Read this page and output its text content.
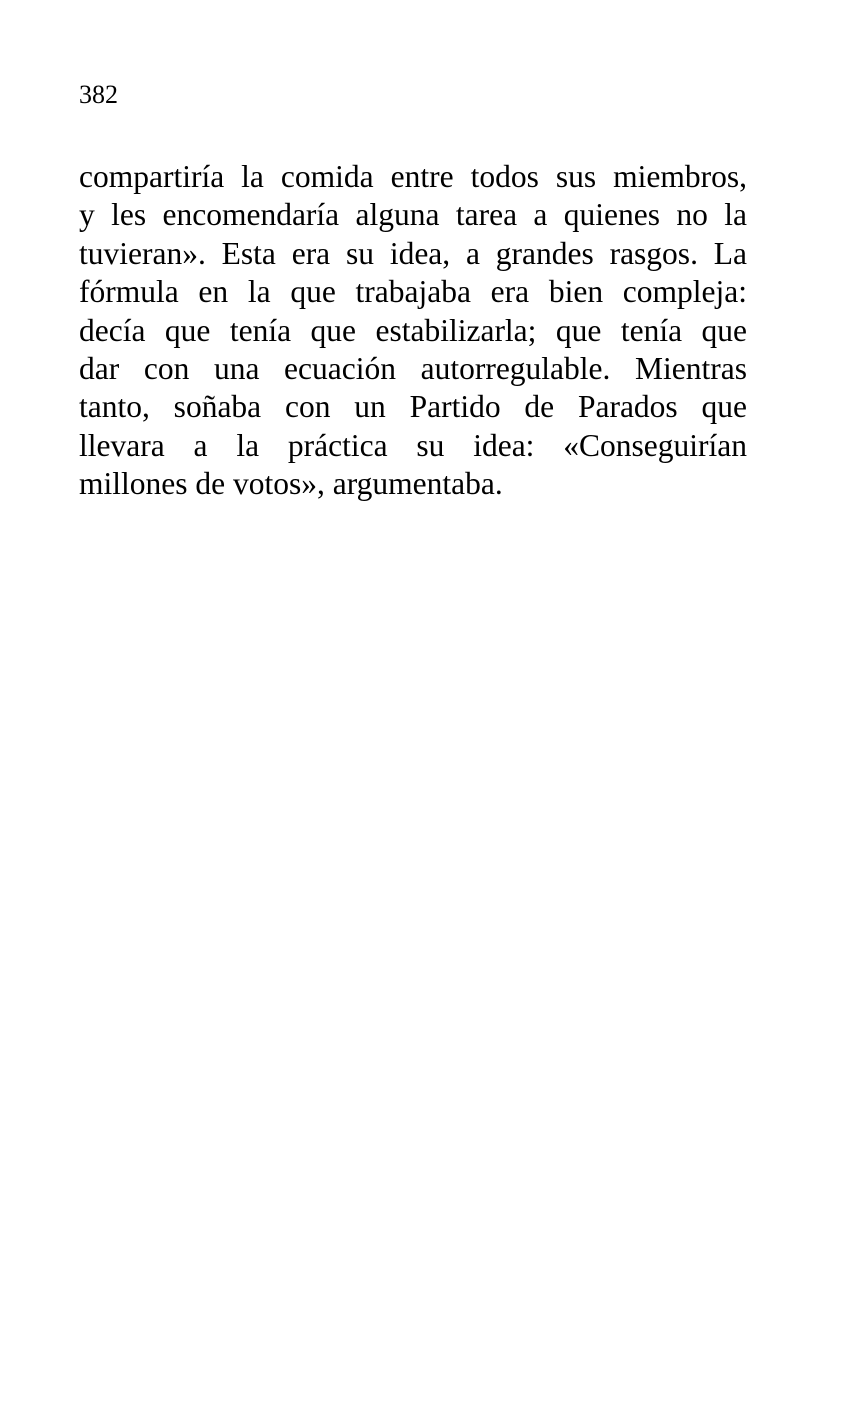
382

compartiría la comida entre todos sus miembros,
y les encomendaría alguna tarea a quienes no la
tuvieran». Esta era su idea, a grandes rasgos. La
fórmula en la que trabajaba era bien compleja:
decía que tenía que estabilizarla; que tenía que
dar con una ecuación autorregulable. Mientras
tanto, soñaba con un Partido de Parados que
llevara a la práctica su idea: «Conseguirían
millones de votos», argumentaba.
